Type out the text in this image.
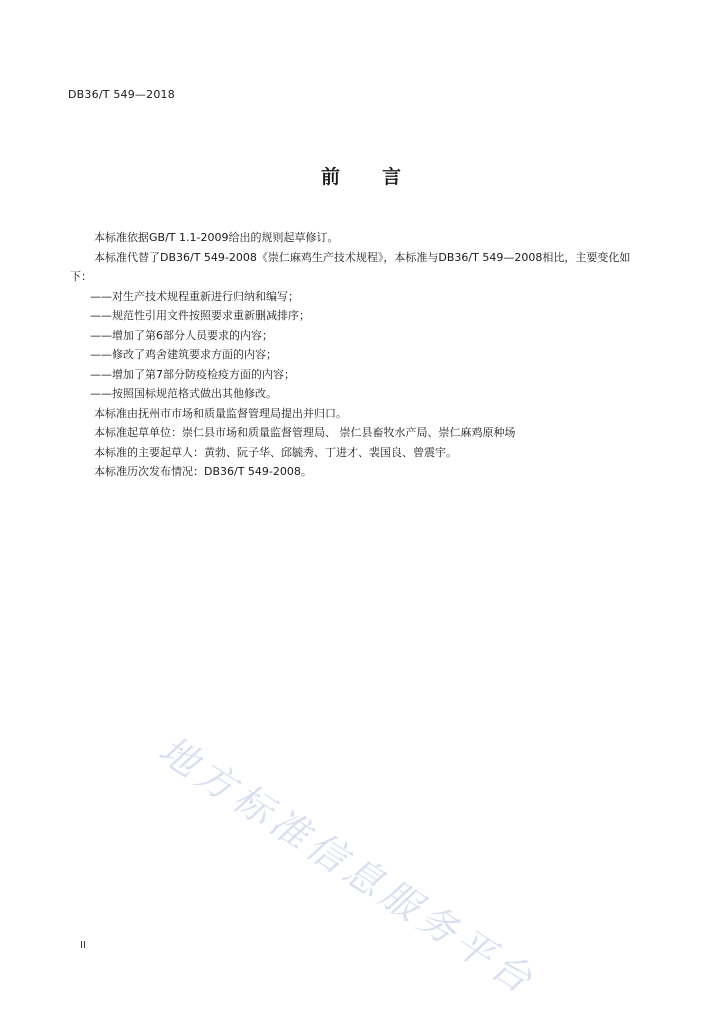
DB36/T 549—2018
前 言

本标准依据GB/T 1.1-2009给出的规则起草修订。

本标准代替了DB36/T 549-2008《崇仁麻鸡生产技术规程》，本标准与DB36/T 549—2008相比，主要变化如下：

——对生产技术规程重新进行归纳和编写；

——规范性引用文件按照要求重新删减排序；

——增加了第6部分人员要求的内容；

——修改了鸡舍建筑要求方面的内容；

——增加了第7部分防疫检疫方面的内容；

——按照国标规范格式做出其他修改。

本标准由抚州市市场和质量监督管理局提出并归口。

本标准起草单位：崇仁县市场和质量监督管理局、 崇仁县畜牧水产局、崇仁麻鸡原种场

本标准的主要起草人：黄勃、阮子华、邱毓秀、丁进才、裴国良、曾震宇。

本标准历次发布情况：DB36/T 549-2008。

地方标准信息服务平台
II
